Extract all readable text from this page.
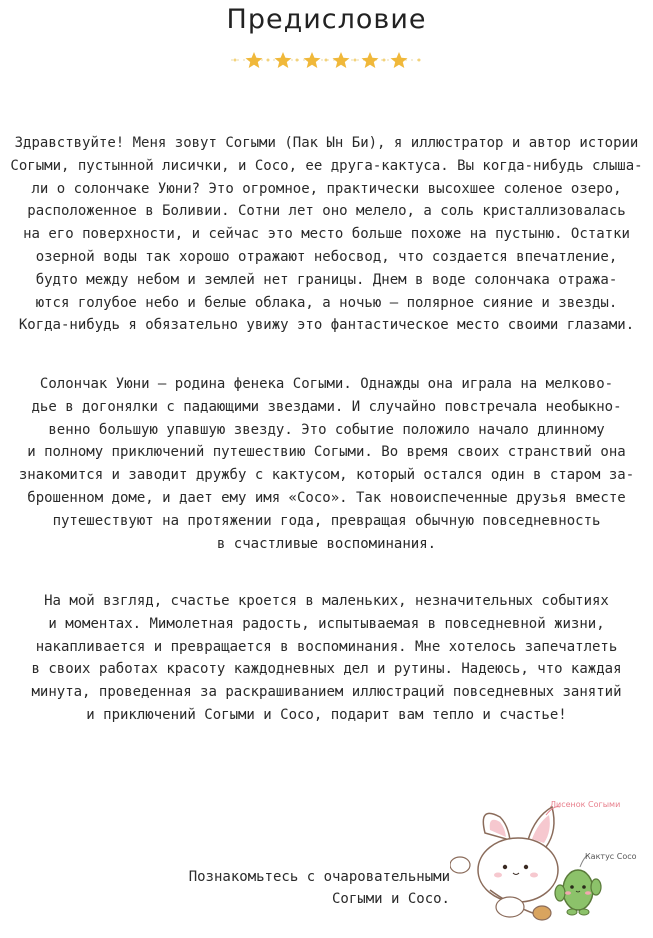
Предисловие
Здравствуйте! Меня зовут Согыми (Пак Ын Би), я иллюстратор и автор истории
Согыми, пустынной лисички, и Сосо, ее друга-кактуса. Вы когда-нибудь слыша-
ли о солончаке Уюни? Это огромное, практически высохшее соленое озеро,
расположенное в Боливии. Сотни лет оно мелело, а соль кристаллизовалась
на его поверхности, и сейчас это место больше похоже на пустыню. Остатки
озерной воды так хорошо отражают небосвод, что создается впечатление,
будто между небом и землей нет границы. Днем в воде солончака отража-
ются голубое небо и белые облака, а ночью — полярное сияние и звезды.
Когда-нибудь я обязательно увижу это фантастическое место своими глазами.
Солончак Уюни — родина фенека Согыми. Однажды она играла на мелково-
дье в догонялки с падающими звездами. И случайно повстречала необыкно-
венно большую упавшую звезду. Это событие положило начало длинному
и полному приключений путешествию Согыми. Во время своих странствий она
знакомится и заводит дружбу с кактусом, который остался один в старом за-
брошенном доме, и дает ему имя «Сосо». Так новоиспеченные друзья вместе
путешествуют на протяжении года, превращая обычную повседневность
в счастливые воспоминания.
На мой взгляд, счастье кроется в маленьких, незначительных событиях
и моментах. Мимолетная радость, испытываемая в повседневной жизни,
накапливается и превращается в воспоминания. Мне хотелось запечатлеть
в своих работах красоту каждодневных дел и рутины. Надеюсь, что каждая
минута, проведенная за раскрашиванием иллюстраций повседневных занятий
и приключений Согыми и Сосо, подарит вам тепло и счастье!
Познакомьтесь с очаровательными
Согыми и Сосо.
Лисенок Согыми
Кактус Сосо
